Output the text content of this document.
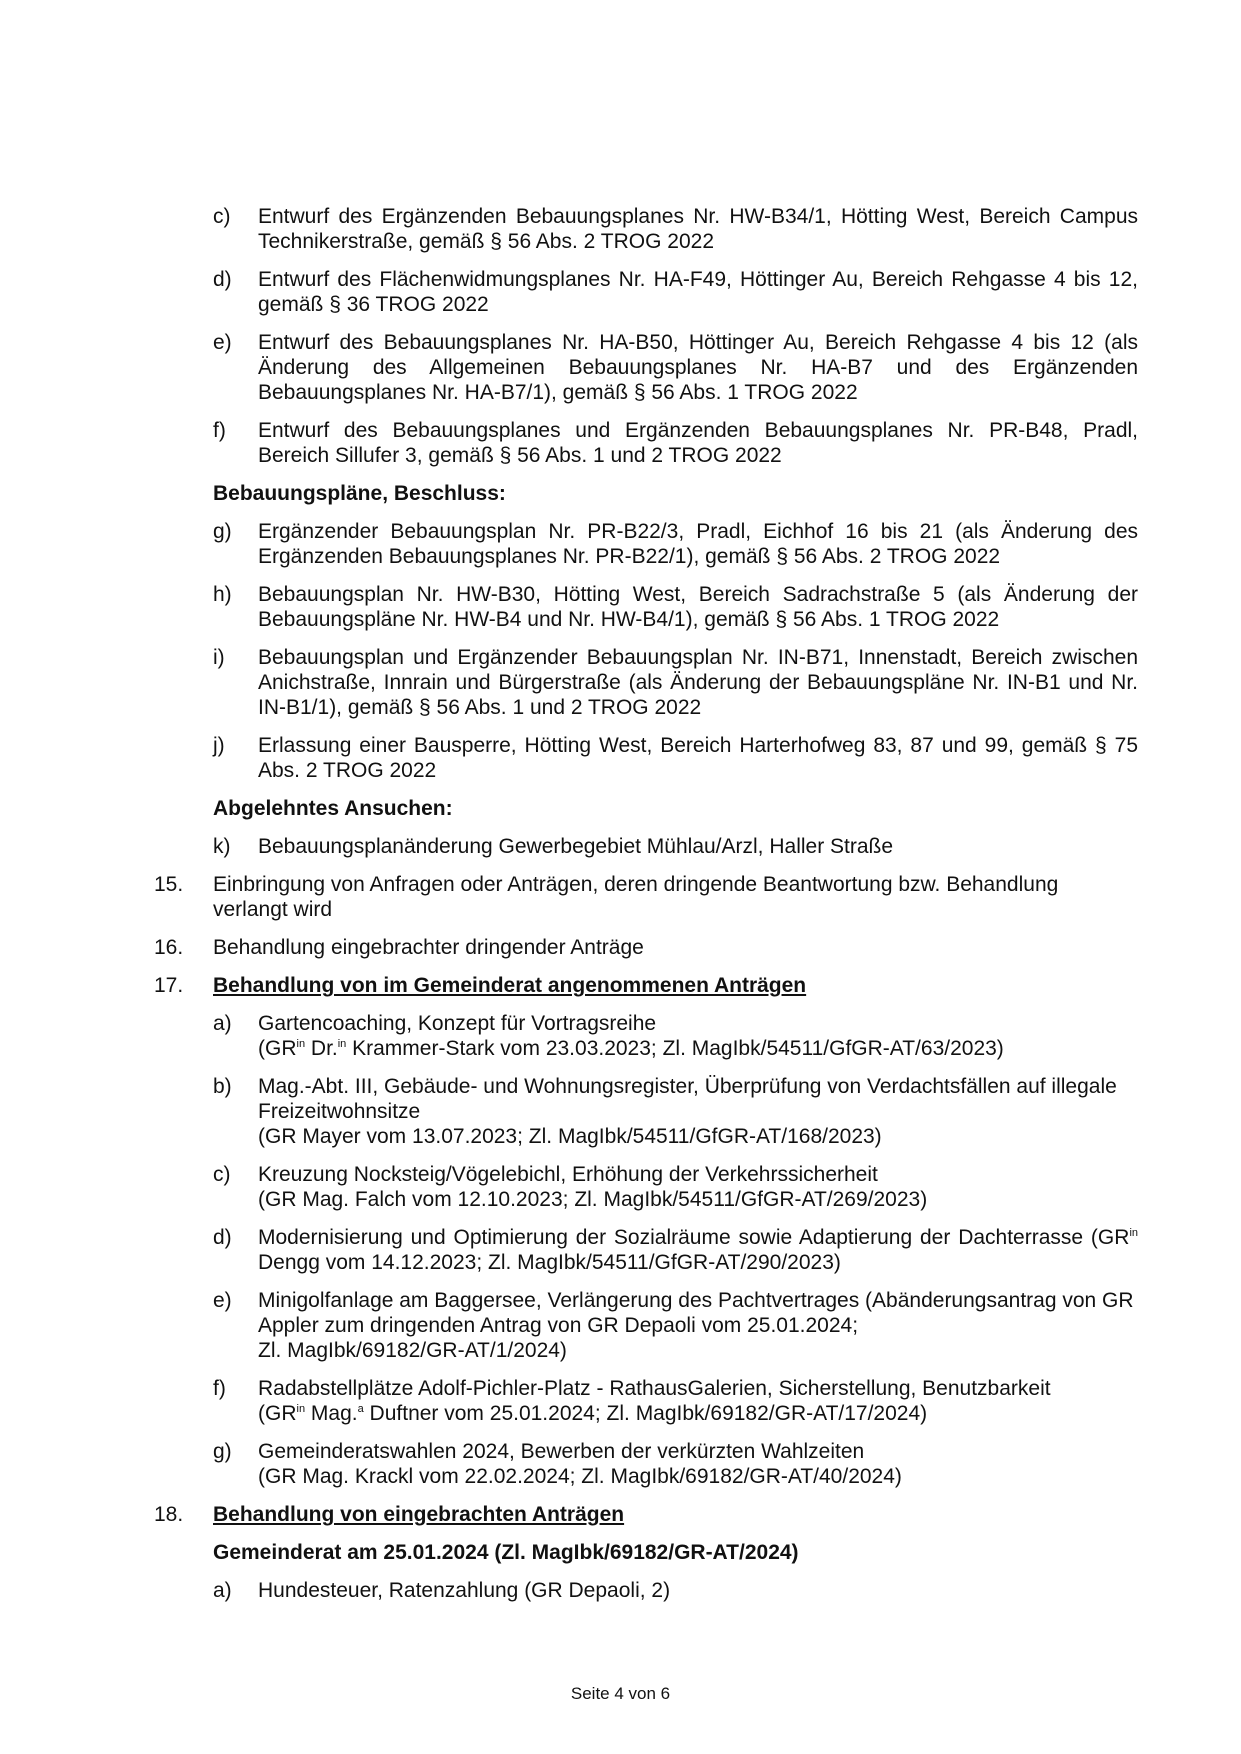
c) Entwurf des Ergänzenden Bebauungsplanes Nr. HW-B34/1, Hötting West, Bereich Campus Technikerstraße, gemäß § 56 Abs. 2 TROG 2022
d) Entwurf des Flächenwidmungsplanes Nr. HA-F49, Höttinger Au, Bereich Rehgasse 4 bis 12, gemäß § 36 TROG 2022
e) Entwurf des Bebauungsplanes Nr. HA-B50, Höttinger Au, Bereich Rehgasse 4 bis 12 (als Änderung des Allgemeinen Bebauungsplanes Nr. HA-B7 und des Ergänzenden Bebauungsplanes Nr. HA-B7/1), gemäß § 56 Abs. 1 TROG 2022
f) Entwurf des Bebauungsplanes und Ergänzenden Bebauungsplanes Nr. PR-B48, Pradl, Bereich Sillufer 3, gemäß § 56 Abs. 1 und 2 TROG 2022
Bebauungspläne, Beschluss:
g) Ergänzender Bebauungsplan Nr. PR-B22/3, Pradl, Eichhof 16 bis 21 (als Änderung des Ergänzenden Bebauungsplanes Nr. PR-B22/1), gemäß § 56 Abs. 2 TROG 2022
h) Bebauungsplan Nr. HW-B30, Hötting West, Bereich Sadrachstraße 5 (als Änderung der Bebauungspläne Nr. HW-B4 und Nr. HW-B4/1), gemäß § 56 Abs. 1 TROG 2022
i) Bebauungsplan und Ergänzender Bebauungsplan Nr. IN-B71, Innenstadt, Bereich zwischen Anichstraße, Innrain und Bürgerstraße (als Änderung der Bebauungspläne Nr. IN-B1 und Nr. IN-B1/1), gemäß § 56 Abs. 1 und 2 TROG 2022
j) Erlassung einer Bausperre, Hötting West, Bereich Harterhofweg 83, 87 und 99, gemäß § 75 Abs. 2 TROG 2022
Abgelehntes Ansuchen:
k) Bebauungsplanänderung Gewerbegebiet Mühlau/Arzl, Haller Straße
15. Einbringung von Anfragen oder Anträgen, deren dringende Beantwortung bzw. Behandlung verlangt wird
16. Behandlung eingebrachter dringender Anträge
17. Behandlung von im Gemeinderat angenommenen Anträgen
a) Gartencoaching, Konzept für Vortragsreihe
($GR^{in}$ Dr.$^{in}$ Krammer-Stark vom 23.03.2023; Zl. MagIbk/54511/GfGR-AT/63/2023)
b) Mag.-Abt. III, Gebäude- und Wohnungsregister, Überprüfung von Verdachtsfällen auf illegale Freizeitwohnsitze
(GR Mayer vom 13.07.2023; Zl. MagIbk/54511/GfGR-AT/168/2023)
c) Kreuzung Nocksteig/Vögelebichl, Erhöhung der Verkehrssicherheit
(GR Mag. Falch vom 12.10.2023; Zl. MagIbk/54511/GfGR-AT/269/2023)
d) Modernisierung und Optimierung der Sozialräume sowie Adaptierung der Dachterrasse ($GR^{in}$ Dengg vom 14.12.2023; Zl. MagIbk/54511/GfGR-AT/290/2023)
e) Minigolfanlage am Baggersee, Verlängerung des Pachtvertrages (Abänderungsantrag von GR Appler zum dringenden Antrag von GR Depaoli vom 25.01.2024;
Zl. MagIbk/69182/GR-AT/1/2024)
f) Radabstellplätze Adolf-Pichler-Platz - RathausGalerien, Sicherstellung, Benutzbarkeit
($GR^{in}$ Mag.$^a$ Duftner vom 25.01.2024; Zl. MagIbk/69182/GR-AT/17/2024)
g) Gemeinderatswahlen 2024, Bewerben der verkürzten Wahlzeiten
(GR Mag. Krackl vom 22.02.2024; Zl. MagIbk/69182/GR-AT/40/2024)
18. Behandlung von eingebrachten Anträgen
Gemeinderat am 25.01.2024 (Zl. MagIbk/69182/GR-AT/2024)
a) Hundesteuer, Ratenzahlung (GR Depaoli, 2)
Seite 4 von 6
